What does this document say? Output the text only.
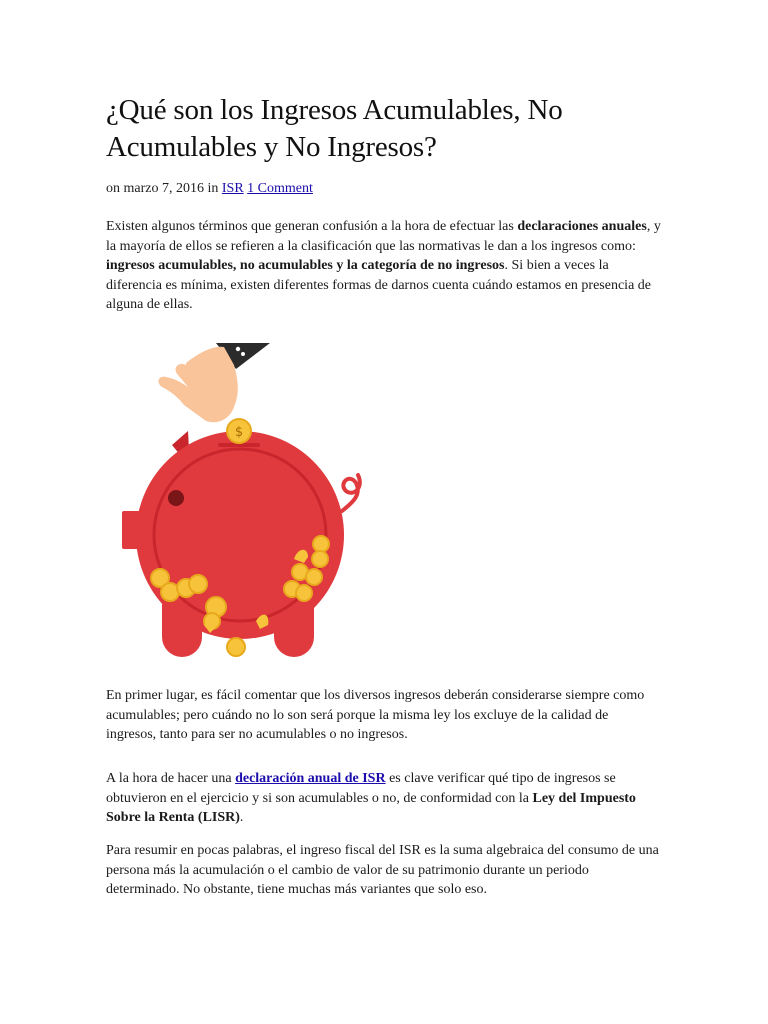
¿Qué son los Ingresos Acumulables, No Acumulables y No Ingresos?
on marzo 7, 2016 in ISR 1 Comment

Existen algunos términos que generan confusión a la hora de efectuar las declaraciones anuales, y la mayoría de ellos se refieren a la clasificación que las normativas le dan a los ingresos como: ingresos acumulables, no acumulables y la categoría de no ingresos. Si bien a veces la diferencia es mínima, existen diferentes formas de darnos cuenta cuándo estamos en presencia de alguna de ellas.

$

En primer lugar, es fácil comentar que los diversos ingresos deberán considerarse siempre como acumulables; pero cuándo no lo son será porque la misma ley los excluye de la calidad de ingresos, tanto para ser no acumulables o no ingresos.

A la hora de hacer una declaración anual de ISR es clave verificar qué tipo de ingresos se obtuvieron en el ejercicio y si son acumulables o no, de conformidad con la Ley del Impuesto Sobre la Renta (LISR).

Para resumir en pocas palabras, el ingreso fiscal del ISR es la suma algebraica del consumo de una persona más la acumulación o el cambio de valor de su patrimonio durante un periodo determinado. No obstante, tiene muchas más variantes que solo eso.
